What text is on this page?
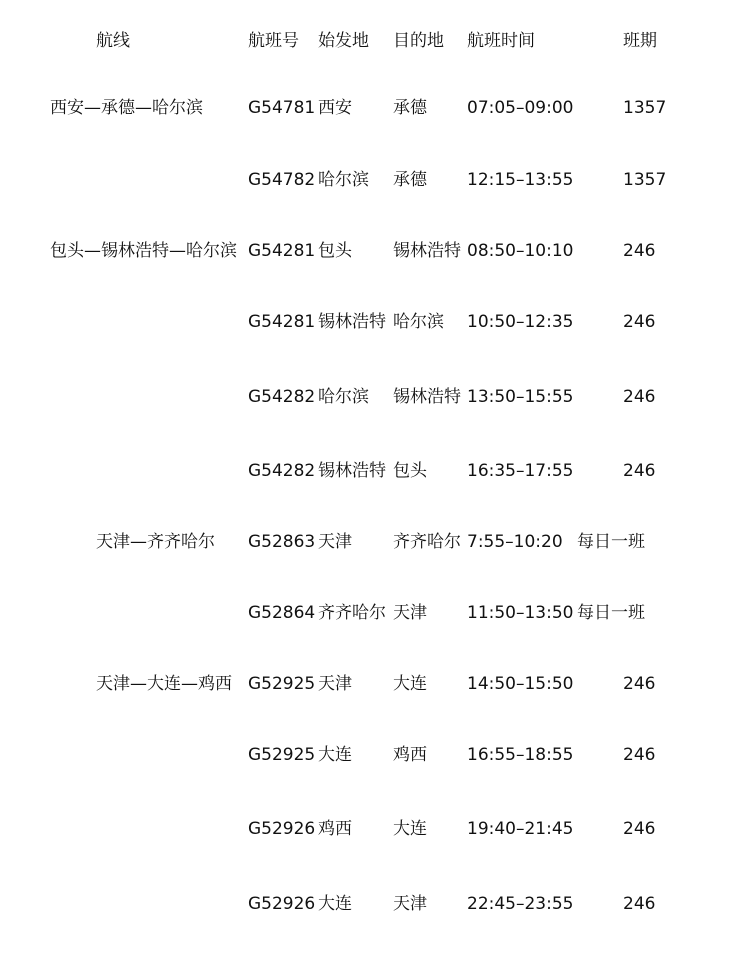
航线	航班号 始发地 目的地 航班时间	班期
西安—承德—哈尔滨	G54781 西安 承德 07:05–09:00	1357
G54782 哈尔滨 承德 12:15–13:55	1357
包头—锡林浩特—哈尔滨 G54281 包头 锡林浩特 08:50–10:10	246
G54281 锡林浩特 哈尔滨 10:50–12:35	246
G54282 哈尔滨 锡林浩特 13:50–15:55	246
G54282 锡林浩特 包头 16:35–17:55	246
天津—齐齐哈尔 G52863 天津 齐齐哈尔 7:55–10:20 每日一班
G52864 齐齐哈尔 天津 11:50–13:50 每日一班
天津—大连—鸡西 G52925 天津 大连 14:50–15:50	246
G52925 大连 鸡西 16:55–18:55	246
G52926 鸡西 大连 19:40–21:45	246
G52926 大连 天津 22:45–23:55	246
